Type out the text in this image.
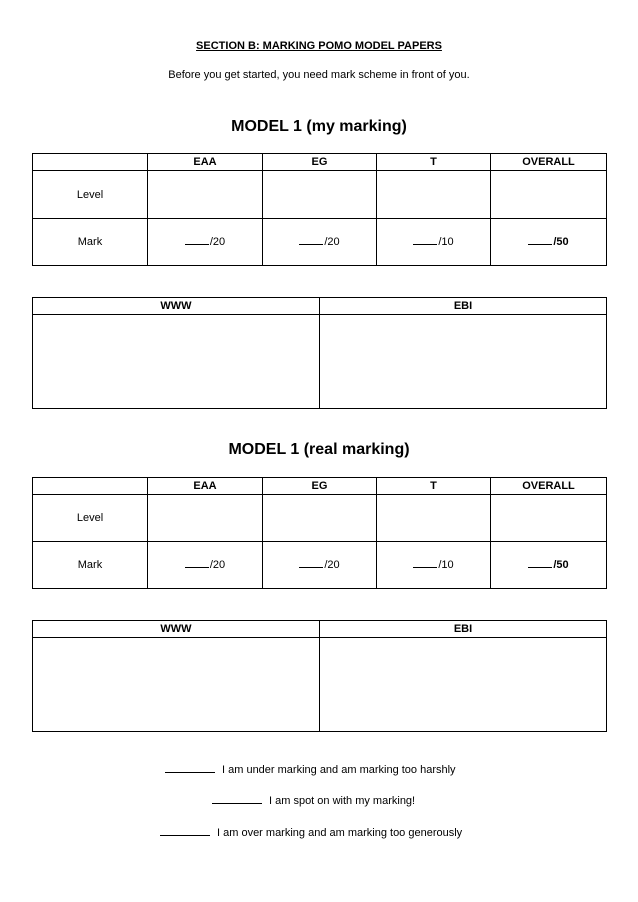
SECTION B: MARKING POMO MODEL PAPERS
Before you get started, you need mark scheme in front of you.
MODEL 1 (my marking)
	EAA	EG	T	OVERALL
Level				
Mark	/20	/20	/10	/50
WWW	EBI

MODEL 1 (real marking)
	EAA	EG	T	OVERALL
Level				
Mark	/20	/20	/10	/50
WWW	EBI

I am under marking and am marking too harshly
I am spot on with my marking!
I am over marking and am marking too generously
